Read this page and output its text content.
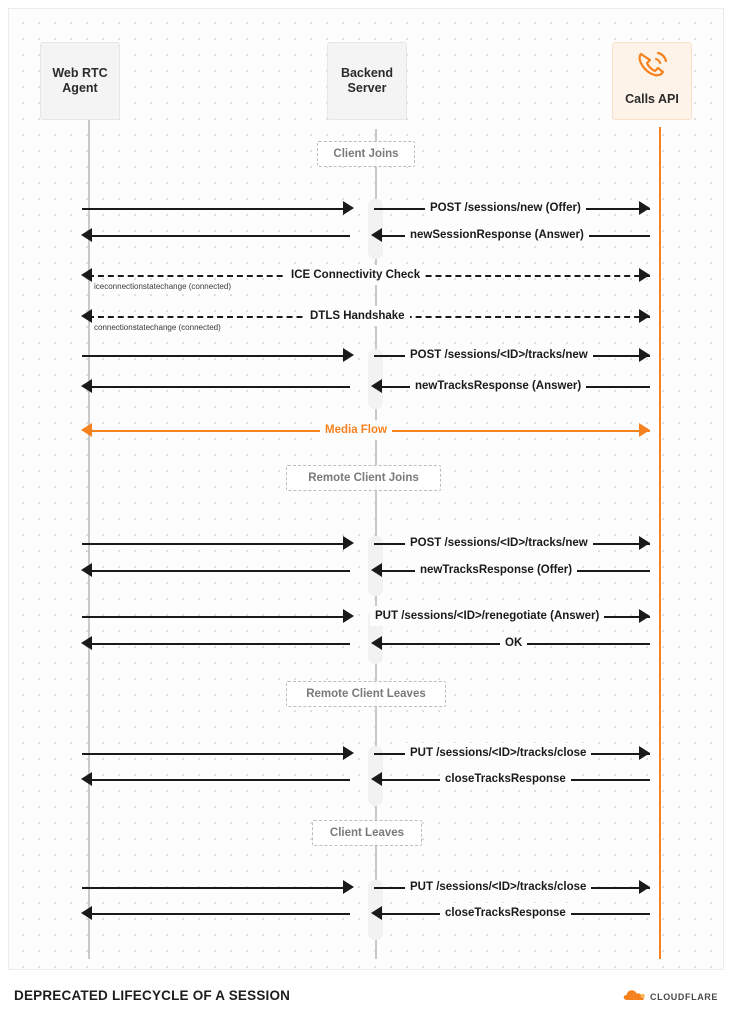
Web RTC
Agent
Backend
Server
Calls API
Client Joins
Remote Client Joins
Remote Client Leaves
Client Leaves
POST /sessions/new (Offer)
newSessionResponse (Answer)
ICE Connectivity Check
iceconnectionstatechange (connected)
DTLS Handshake
connectionstatechange (connected)
POST /sessions/<ID>/tracks/new
newTracksResponse (Answer)
Media Flow
POST /sessions/<ID>/tracks/new
newTracksResponse (Offer)
PUT /sessions/<ID>/renegotiate (Answer)
OK
PUT /sessions/<ID>/tracks/close
closeTracksResponse
PUT /sessions/<ID>/tracks/close
closeTracksResponse
DEPRECATED LIFECYCLE OF A SESSION	CLOUDFLARE
